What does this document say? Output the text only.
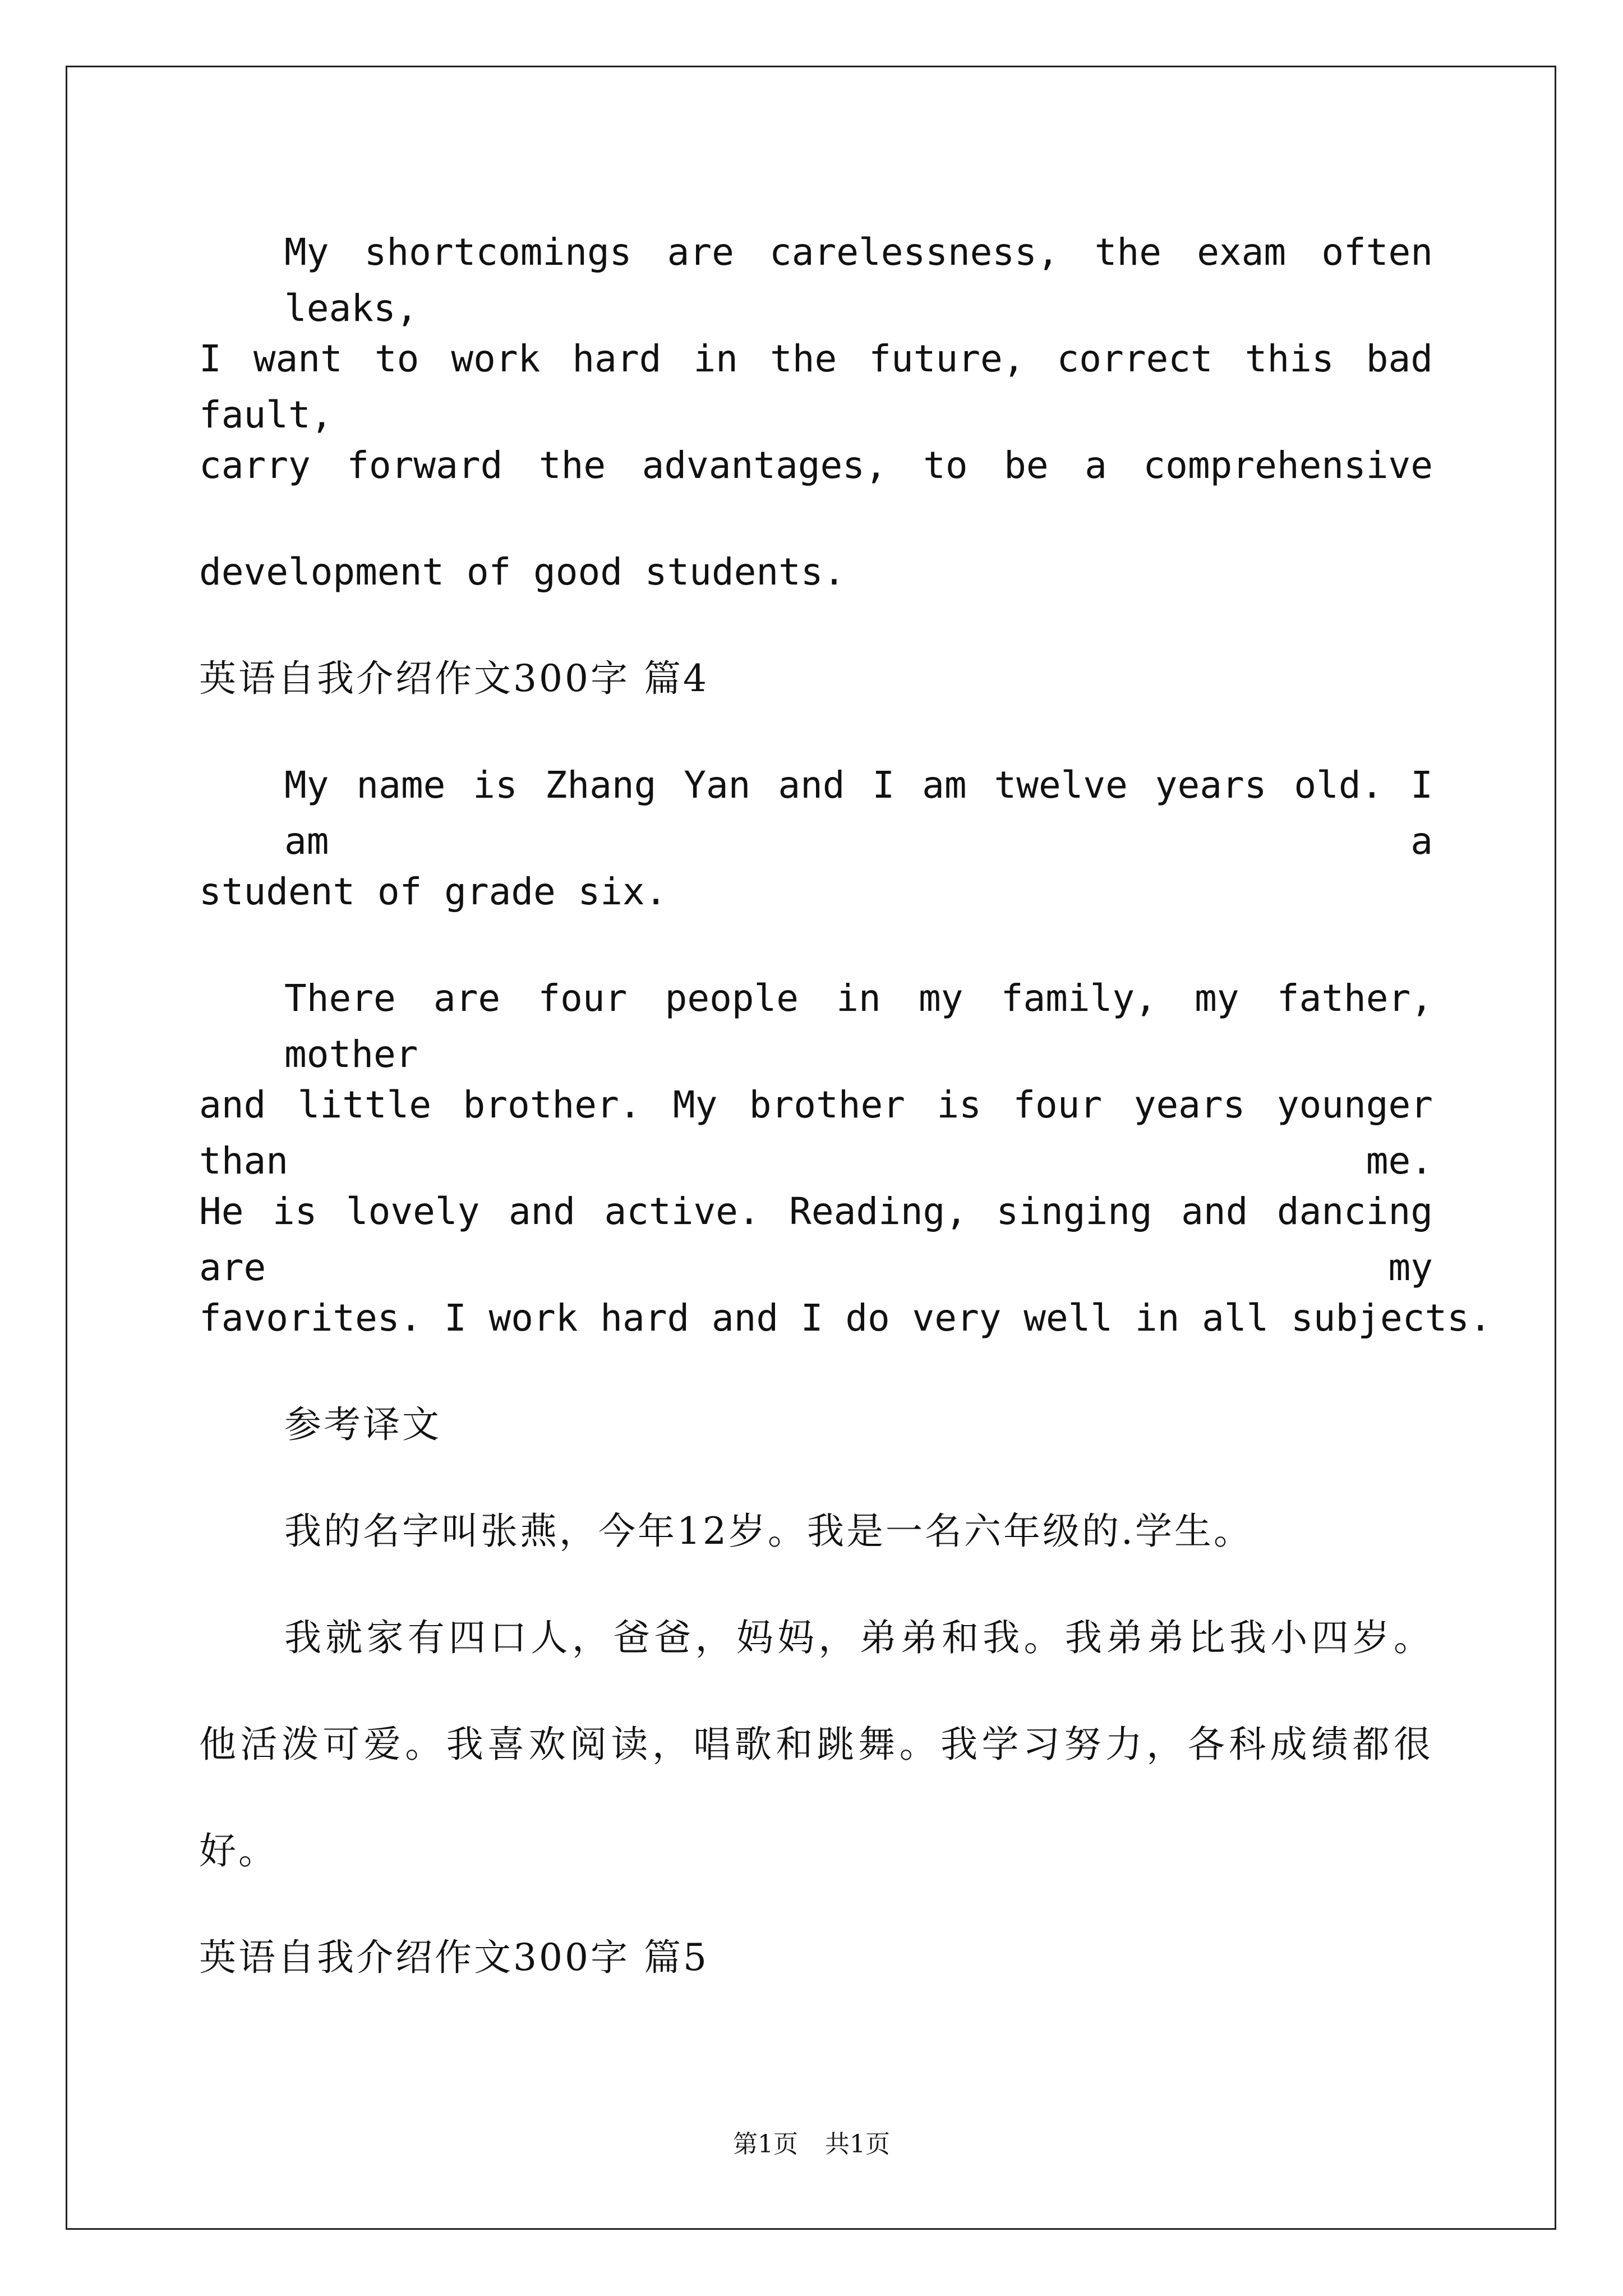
My shortcomings are carelessness, the exam often leaks,
I want to work hard in the future, correct this bad fault,
carry forward the advantages, to be a comprehensive
development of good students.
英语自我介绍作文300字 篇4
My name is Zhang Yan and I am twelve years old. I am a
student of grade six.
There are four people in my family, my father, mother
and little brother. My brother is four years younger than me.
He is lovely and active. Reading, singing and dancing are my
favorites. I work hard and I do very well in all subjects.
参考译文
我的名字叫张燕，今年12岁。我是一名六年级的.学生。
我就家有四口人，爸爸，妈妈，弟弟和我。我弟弟比我小四岁。
他活泼可爱。我喜欢阅读，唱歌和跳舞。我学习努力，各科成绩都很
好。
英语自我介绍作文300字 篇5
第1页 共1页
